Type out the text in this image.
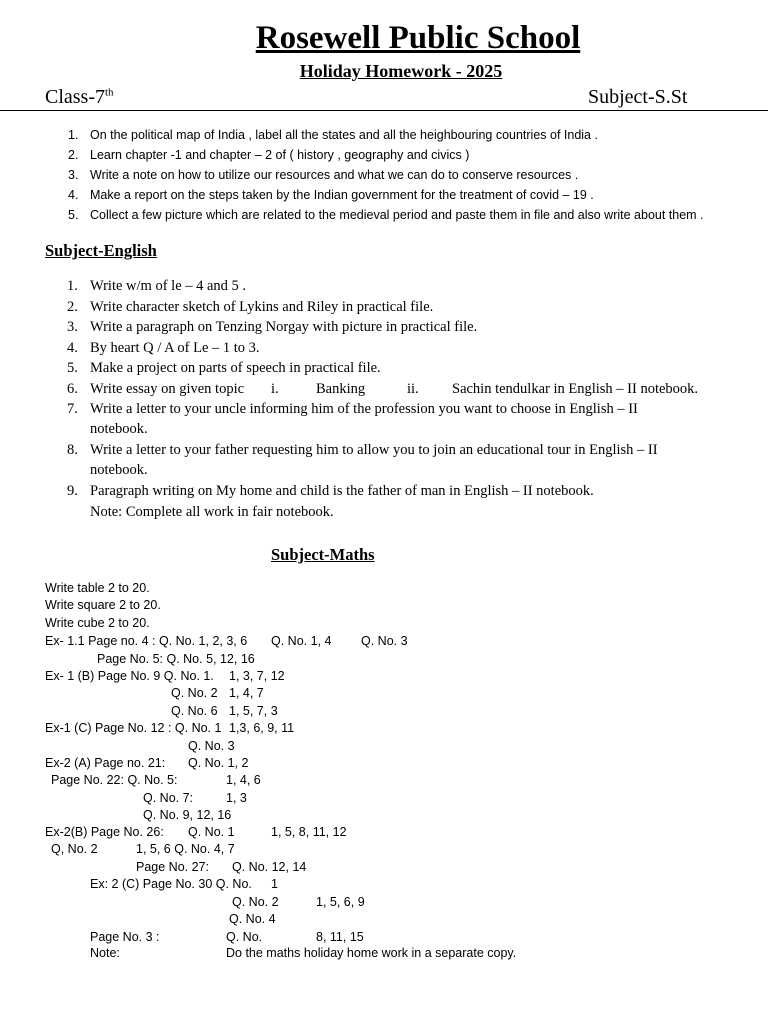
Rosewell Public School
Holiday Homework - 2025
Class-7th	Subject-S.St
1. On the political map of India , label all the states and all the heighbouring countries of India .
2. Learn chapter -1 and chapter – 2 of ( history , geography and civics )
3. Write a note on how to utilize our resources and what we can do to conserve resources .
4. Make a report on the steps taken by the Indian government for the treatment of covid – 19 .
5. Collect a few picture which are related to the medieval period and paste them in file and also write about them .
Subject-English
1. Write w/m of le – 4 and 5 .
2. Write character sketch of Lykins and Riley in practical file.
3. Write a paragraph on Tenzing Norgay with picture in practical file.
4. By heart Q / A of Le – 1 to 3.
5. Make a project on parts of speech in practical file.
6. Write essay on given topic i.	Banking	ii. Sachin tendulkar in English – II notebook.
7. Write a letter to your uncle informing him of the profession you want to choose in English – II
notebook.
8. Write a letter to your father requesting him to allow you to join an educational tour in English – II
notebook.
9. Paragraph writing on My home and child is the father of man in English – II notebook.
Note: Complete all work in fair notebook.
Subject-Maths
Write table 2 to 20.
Write square 2 to 20.
Write cube 2 to 20.
Ex- 1.1 Page no. 4 : Q. No. 1, 2, 3, 6 Q. No. 1, 4 Q. No. 3
Page No. 5: Q. No. 5, 12, 16
Ex- 1 (B) Page No. 9 Q. No. 1. 1, 3, 7, 12
Q. No. 2 1, 4, 7
Q. No. 6 1, 5, 7, 3
Ex-1 (C) Page No. 12 : Q. No. 1 1,3, 6, 9, 11
Q. No. 3
Ex-2 (A) Page no. 21: Q. No. 1, 2
Page No. 22: Q. No. 5:	1, 4, 6
Q. No. 7:	1, 3
Q. No. 9, 12, 16
Ex-2(B) Page No. 26: Q. No. 1	1, 5, 8, 11, 12
Q, No. 2	1, 5, 6 Q. No. 4, 7
Page No. 27: Q. No. 12, 14
Ex: 2 (C) Page No. 30 Q. No. 1
Q. No. 2	1, 5, 6, 9
Q. No. 4
Page No. 3 :	Q. No.	8, 11, 15
Note:	Do the maths holiday home work in a separate copy.
